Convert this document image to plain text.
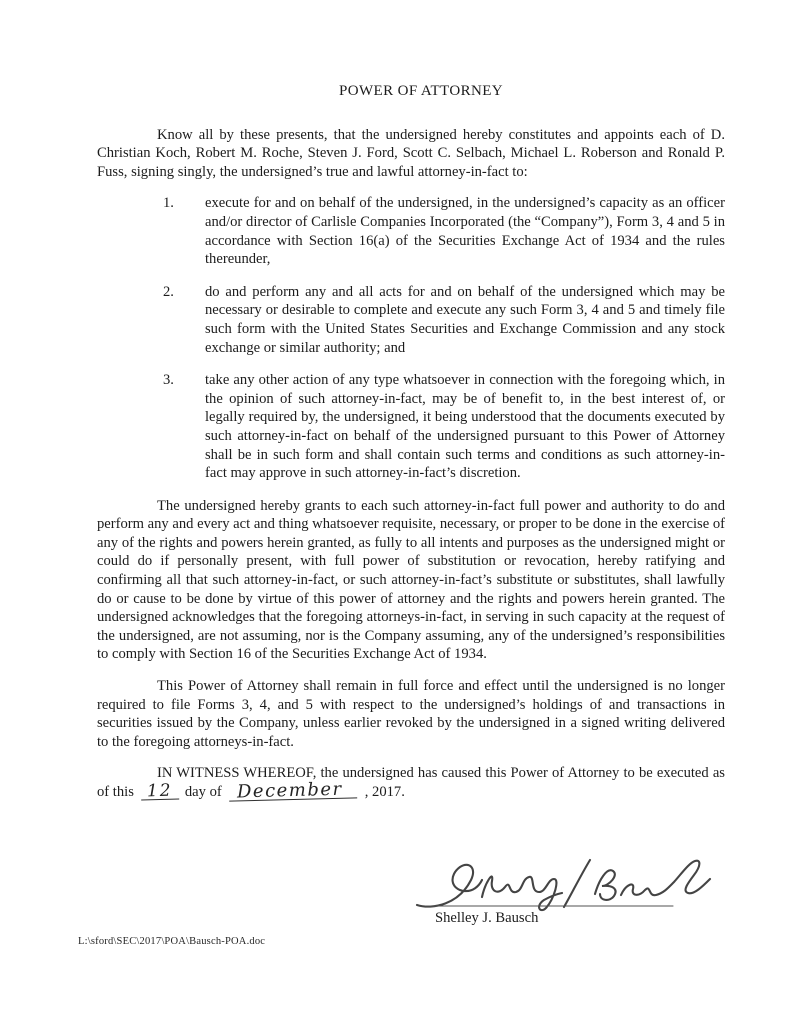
POWER OF ATTORNEY

Know all by these presents, that the undersigned hereby constitutes and appoints each of D. Christian Koch, Robert M. Roche, Steven J. Ford, Scott C. Selbach, Michael L. Roberson and Ronald P. Fuss, signing singly, the undersigned’s true and lawful attorney-in-fact to:

1.	execute for and on behalf of the undersigned, in the undersigned’s capacity as an officer and/or director of Carlisle Companies Incorporated (the “Company”), Form 3, 4 and 5 in accordance with Section 16(a) of the Securities Exchange Act of 1934 and the rules thereunder,
2.	do and perform any and all acts for and on behalf of the undersigned which may be necessary or desirable to complete and execute any such Form 3, 4 and 5 and timely file such form with the United States Securities and Exchange Commission and any stock exchange or similar authority; and
3.	take any other action of any type whatsoever in connection with the foregoing which, in the opinion of such attorney-in-fact, may be of benefit to, in the best interest of, or legally required by, the undersigned, it being understood that the documents executed by such attorney-in-fact on behalf of the undersigned pursuant to this Power of Attorney shall be in such form and shall contain such terms and conditions as such attorney-in-fact may approve in such attorney-in-fact’s discretion.

The undersigned hereby grants to each such attorney-in-fact full power and authority to do and perform any and every act and thing whatsoever requisite, necessary, or proper to be done in the exercise of any of the rights and powers herein granted, as fully to all intents and purposes as the undersigned might or could do if personally present, with full power of substitution or revocation, hereby ratifying and confirming all that such attorney-in-fact, or such attorney-in-fact’s substitute or substitutes, shall lawfully do or cause to be done by virtue of this power of attorney and the rights and powers herein granted. The undersigned acknowledges that the foregoing attorneys-in-fact, in serving in such capacity at the request of the undersigned, are not assuming, nor is the Company assuming, any of the undersigned’s responsibilities to comply with Section 16 of the Securities Exchange Act of 1934.

This Power of Attorney shall remain in full force and effect until the undersigned is no longer required to file Forms 3, 4, and 5 with respect to the undersigned’s holdings of and transactions in securities issued by the Company, unless earlier revoked by the undersigned in a signed writing delivered to the foregoing attorneys-in-fact.

IN WITNESS WHEREOF, the undersigned has caused this Power of Attorney to be executed as of this 12 day of December , 2017.

Shelley J. Bausch
L:\sford\SEC\2017\POA\Bausch-POA.doc
